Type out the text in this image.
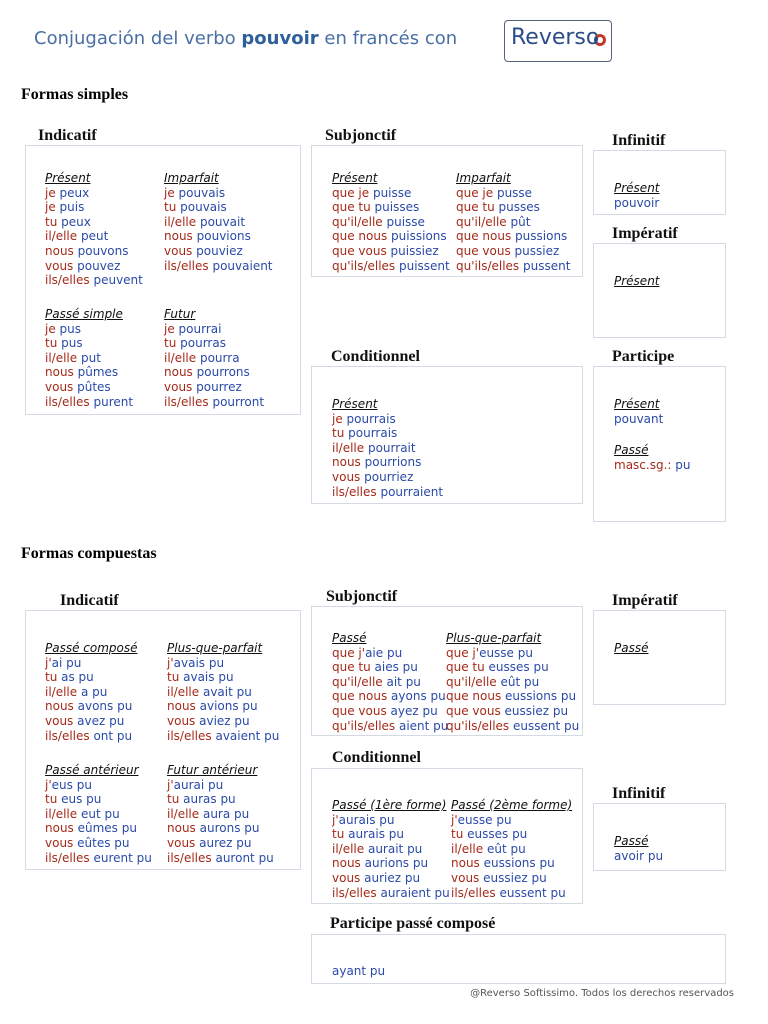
Conjugación del verbo pouvoir en francés con Reverso
Formas simples
Indicatif
Présent
je peux
je puis
tu peux
il/elle peut
nous pouvons
vous pouvez
ils/elles peuvent
Imparfait
je pouvais
tu pouvais
il/elle pouvait
nous pouvions
vous pouviez
ils/elles pouvaient
Passé simple
je pus
tu pus
il/elle put
nous pûmes
vous pûtes
ils/elles purent
Futur
je pourrai
tu pourras
il/elle pourra
nous pourrons
vous pourrez
ils/elles pourront
Subjonctif
Présent
que je puisse
que tu puisses
qu'il/elle puisse
que nous puissions
que vous puissiez
qu'ils/elles puissent
Imparfait
que je pusse
que tu pusses
qu'il/elle pût
que nous pussions
que vous pussiez
qu'ils/elles pussent
Conditionnel
Présent
je pourrais
tu pourrais
il/elle pourrait
nous pourrions
vous pourriez
ils/elles pourraient
Infinitif
Présent
pouvoir
Impératif
Présent
Participe
Présent
pouvant
Passé
masc.sg.: pu
Formas compuestas
Indicatif
Passé composé
j'ai pu
tu as pu
il/elle a pu
nous avons pu
vous avez pu
ils/elles ont pu
Plus-que-parfait
j'avais pu
tu avais pu
il/elle avait pu
nous avions pu
vous aviez pu
ils/elles avaient pu
Passé antérieur
j'eus pu
tu eus pu
il/elle eut pu
nous eûmes pu
vous eûtes pu
ils/elles eurent pu
Futur antérieur
j'aurai pu
tu auras pu
il/elle aura pu
nous aurons pu
vous aurez pu
ils/elles auront pu
Subjonctif
Passé
que j'aie pu
que tu aies pu
qu'il/elle ait pu
que nous ayons pu
que vous ayez pu
qu'ils/elles aient pu
Plus-que-parfait
que j'eusse pu
que tu eusses pu
qu'il/elle eût pu
que nous eussions pu
que vous eussiez pu
qu'ils/elles eussent pu
Conditionnel
Passé (1ère forme)
j'aurais pu
tu aurais pu
il/elle aurait pu
nous aurions pu
vous auriez pu
ils/elles auraient pu
Passé (2ème forme)
j'eusse pu
tu eusses pu
il/elle eût pu
nous eussions pu
vous eussiez pu
ils/elles eussent pu
Impératif
Passé
Infinitif
Passé
avoir pu
Participe passé composé
ayant pu
@Reverso Softissimo. Todos los derechos reservados
